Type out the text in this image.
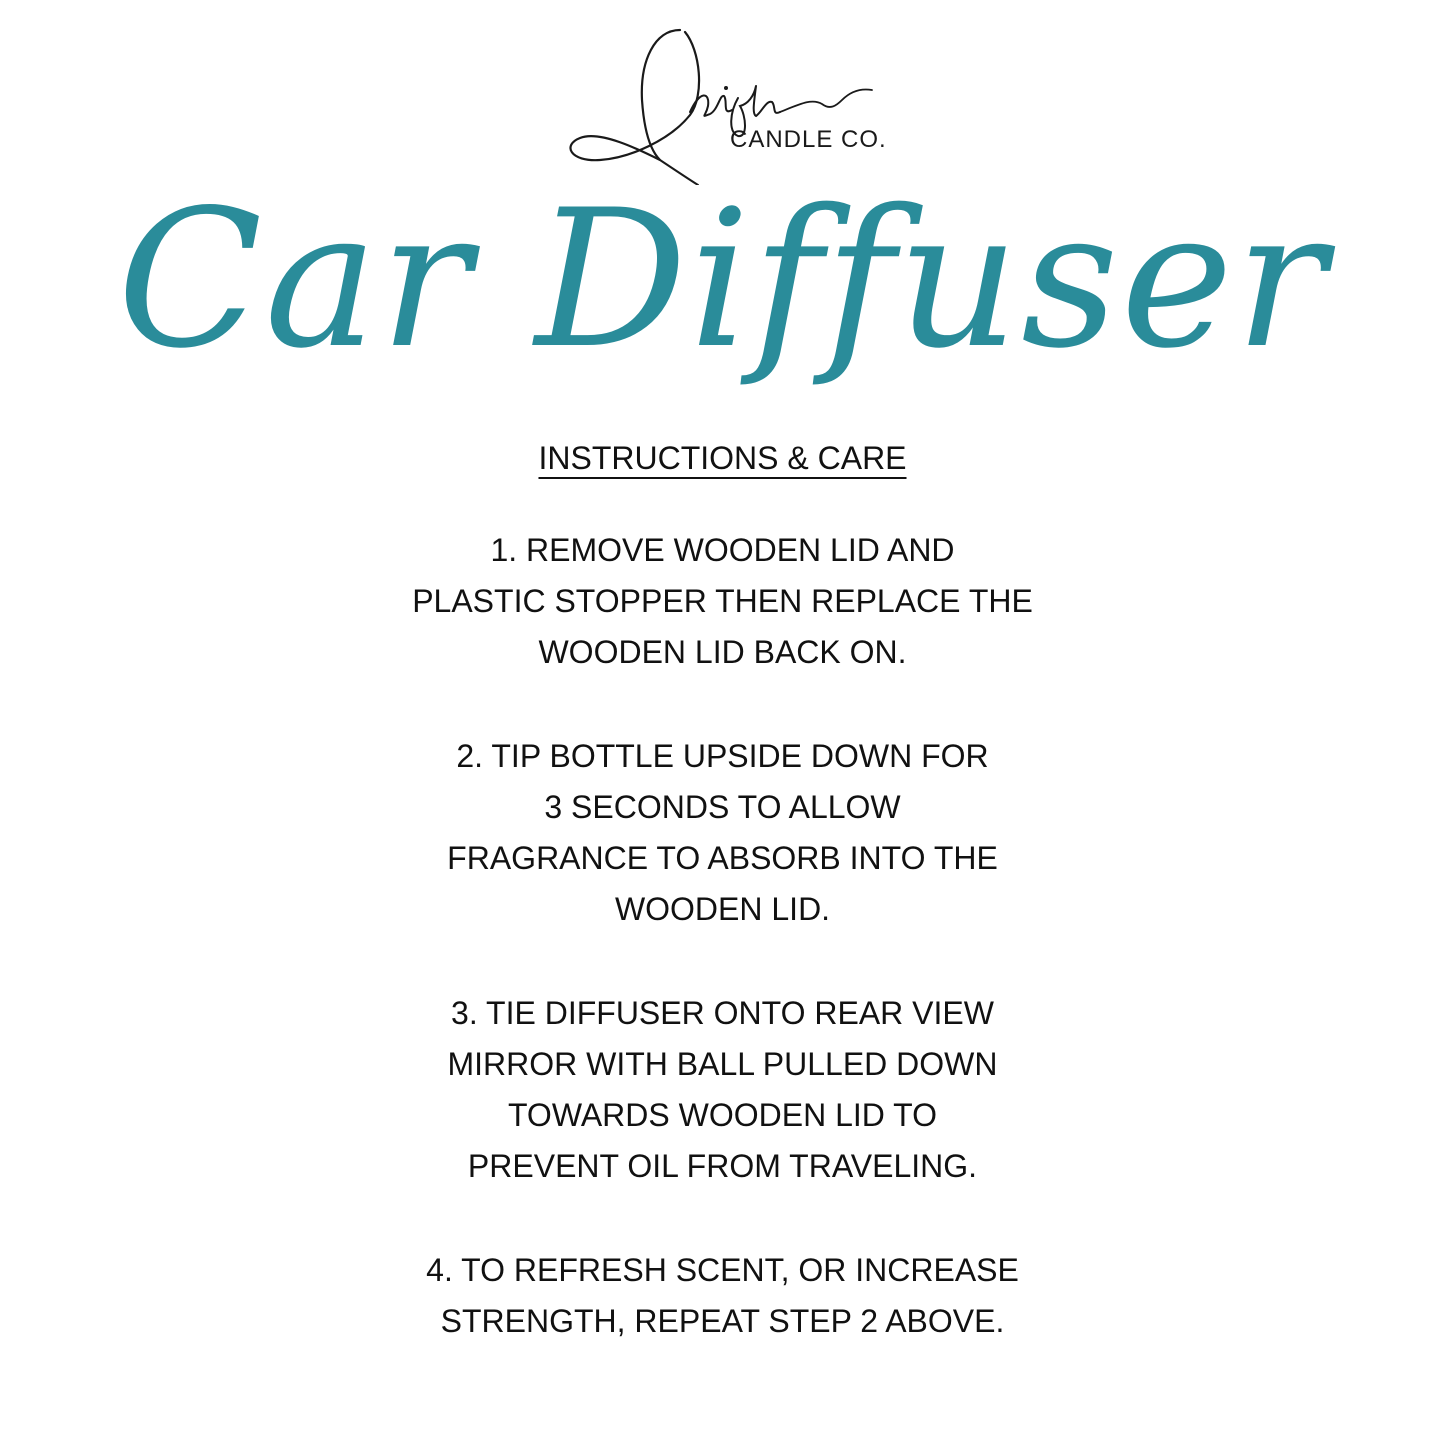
CANDLE CO.
Car Diffuser
INSTRUCTIONS & CARE
1. REMOVE WOODEN LID AND
PLASTIC STOPPER THEN REPLACE THE
WOODEN LID BACK ON.
2. TIP BOTTLE UPSIDE DOWN FOR
3 SECONDS TO ALLOW
FRAGRANCE TO ABSORB INTO THE
WOODEN LID.
3. TIE DIFFUSER ONTO REAR VIEW
MIRROR WITH BALL PULLED DOWN
TOWARDS WOODEN LID TO
PREVENT OIL FROM TRAVELING.
4. TO REFRESH SCENT, OR INCREASE
STRENGTH, REPEAT STEP 2 ABOVE.
